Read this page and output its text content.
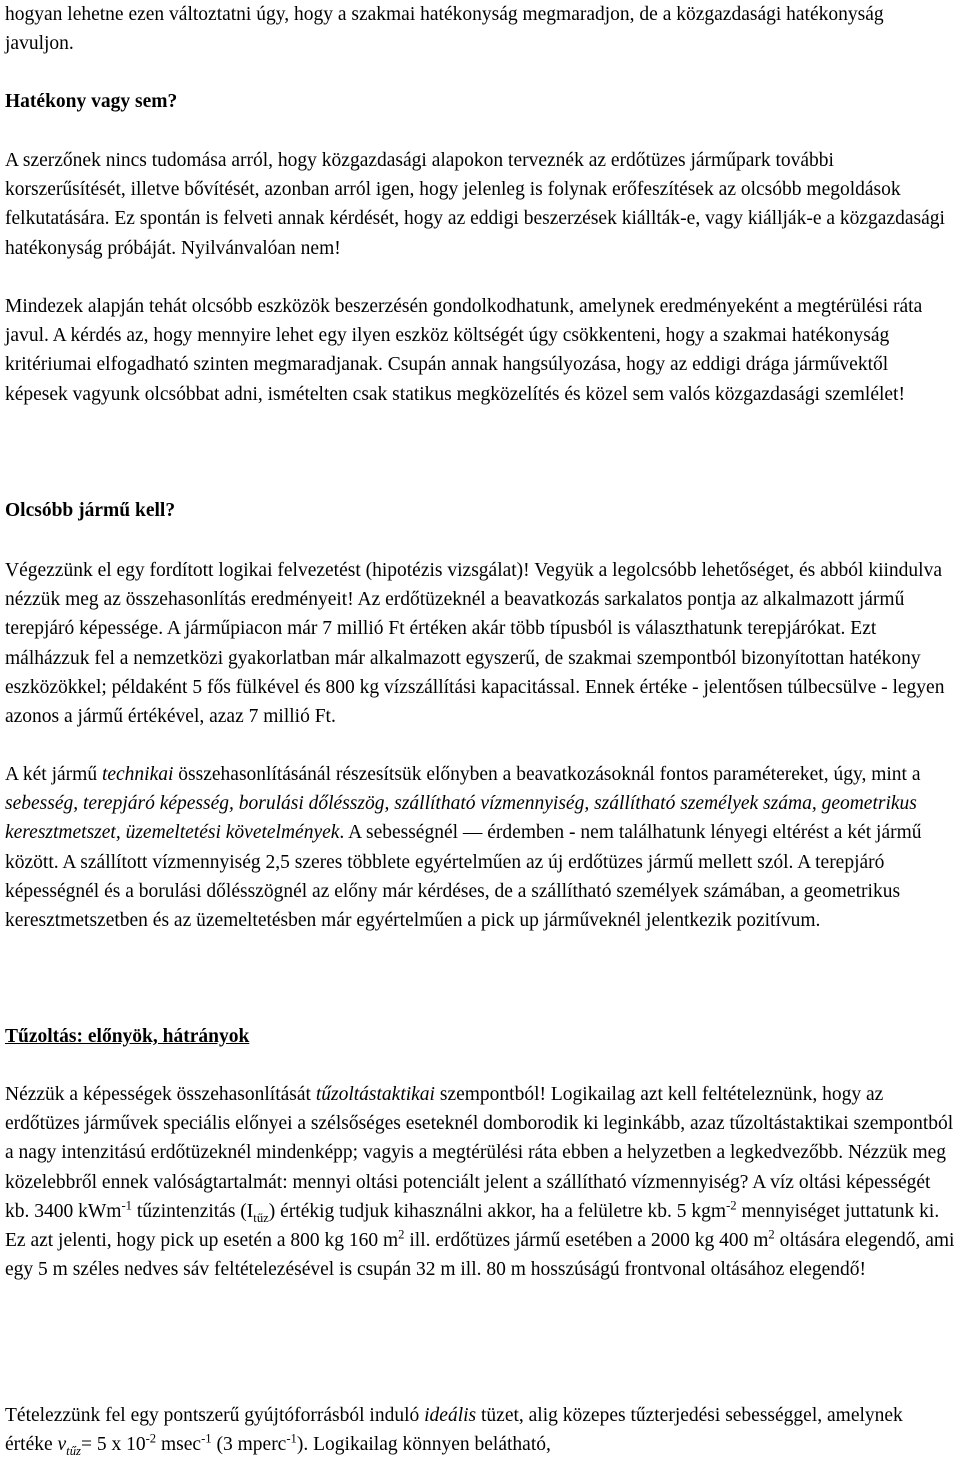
hogyan lehetne ezen változtatni úgy, hogy a szakmai hatékonyság megmaradjon, de a közgazdasági hatékonyság javuljon.

Hatékony vagy sem?

A szerzőnek nincs tudomása arról, hogy közgazdasági alapokon terveznék az erdőtüzes járműpark további korszerűsítését, illetve bővítését, azonban arról igen, hogy jelenleg is folynak erőfeszítések az olcsóbb megoldások felkutatására. Ez spontán is felveti annak kérdését, hogy az eddigi beszerzések kiállták-e, vagy kiállják-e a közgazdasági hatékonyság próbáját. Nyilvánvalóan nem!

Mindezek alapján tehát olcsóbb eszközök beszerzésén gondolkodhatunk, amelynek eredményeként a megtérülési ráta javul. A kérdés az, hogy mennyire lehet egy ilyen eszköz költségét úgy csökkenteni, hogy a szakmai hatékonyság kritériumai elfogadható szinten megmaradjanak. Csupán annak hangsúlyozása, hogy az eddigi drága járművektől képesek vagyunk olcsóbbat adni, ismételten csak statikus megközelítés és közel sem valós közgazdasági szemlélet!

Olcsóbb jármű kell?

Végezzünk el egy fordított logikai felvezetést (hipotézis vizsgálat)! Vegyük a legolcsóbb lehetőséget, és abból kiindulva nézzük meg az összehasonlítás eredményeit! Az erdőtüzeknél a beavatkozás sarkalatos pontja az alkalmazott jármű terepjáró képessége. A járműpiacon már 7 millió Ft értéken akár több típusból is választhatunk terepjárókat. Ezt málházzuk fel a nemzetközi gyakorlatban már alkalmazott egyszerű, de szakmai szempontból bizonyítottan hatékony eszközökkel; példaként 5 fős fülkével és 800 kg vízszállítási kapacitással. Ennek értéke - jelentősen túlbecsülve - legyen azonos a jármű értékével, azaz 7 millió Ft.

A két jármű technikai összehasonlításánál részesítsük előnyben a beavatkozásoknál fontos paramétereket, úgy, mint a sebesség, terepjáró képesség, borulási dőlésszög, szállítható vízmennyiség, szállítható személyek száma, geometrikus keresztmetszet, üzemeltetési követelmények. A sebességnél — érdemben - nem találhatunk lényegi eltérést a két jármű között. A szállított vízmennyiség 2,5 szeres többlete egyértelműen az új erdőtüzes jármű mellett szól. A terepjáró képességnél és a borulási dőlésszögnél az előny már kérdéses, de a szállítható személyek számában, a geometrikus keresztmetszetben és az üzemeltetésben már egyértelműen a pick up járműveknél jelentkezik pozitívum.

Tűzoltás: előnyök, hátrányok

Nézzük a képességek összehasonlítását tűzoltástaktikai szempontból! Logikailag azt kell feltételeznünk, hogy az erdőtüzes járművek speciális előnyei a szélsőséges eseteknél domborodik ki leginkább, azaz tűzoltástaktikai szempontból a nagy intenzitású erdőtüzeknél mindenképp; vagyis a megtérülési ráta ebben a helyzetben a legkedvezőbb. Nézzük meg közelebbről ennek valóságtartalmát: mennyi oltási potenciált jelent a szállítható vízmennyiség? A víz oltási képességét kb. 3400 kWm$^{-1}$ tűzintenzitás $(I_{tűz})$ értékig tudjuk kihasználni akkor, ha a felületre kb. 5 kgm$^{-2}$ mennyiséget juttatunk ki. Ez azt jelenti, hogy pick up esetén a 800 kg 160 $m^2$ ill. erdőtüzes jármű esetében a 2000 kg 400 $m^2$ oltására elegendő, ami egy 5 m széles nedves sáv feltételezésével is csupán 32 m ill. 80 m hosszúságú frontvonal oltásához elegendő!

Tételezzünk fel egy pontszerű gyújtóforrásból induló ideális tüzet, alig közepes tűzterjedési sebességgel, amelynek értéke $v_{tűz}= 5$ x $10^{-2}$ msec$^{-1}$ (3 mperc$^{-1}$). Logikailag könnyen belátható,
